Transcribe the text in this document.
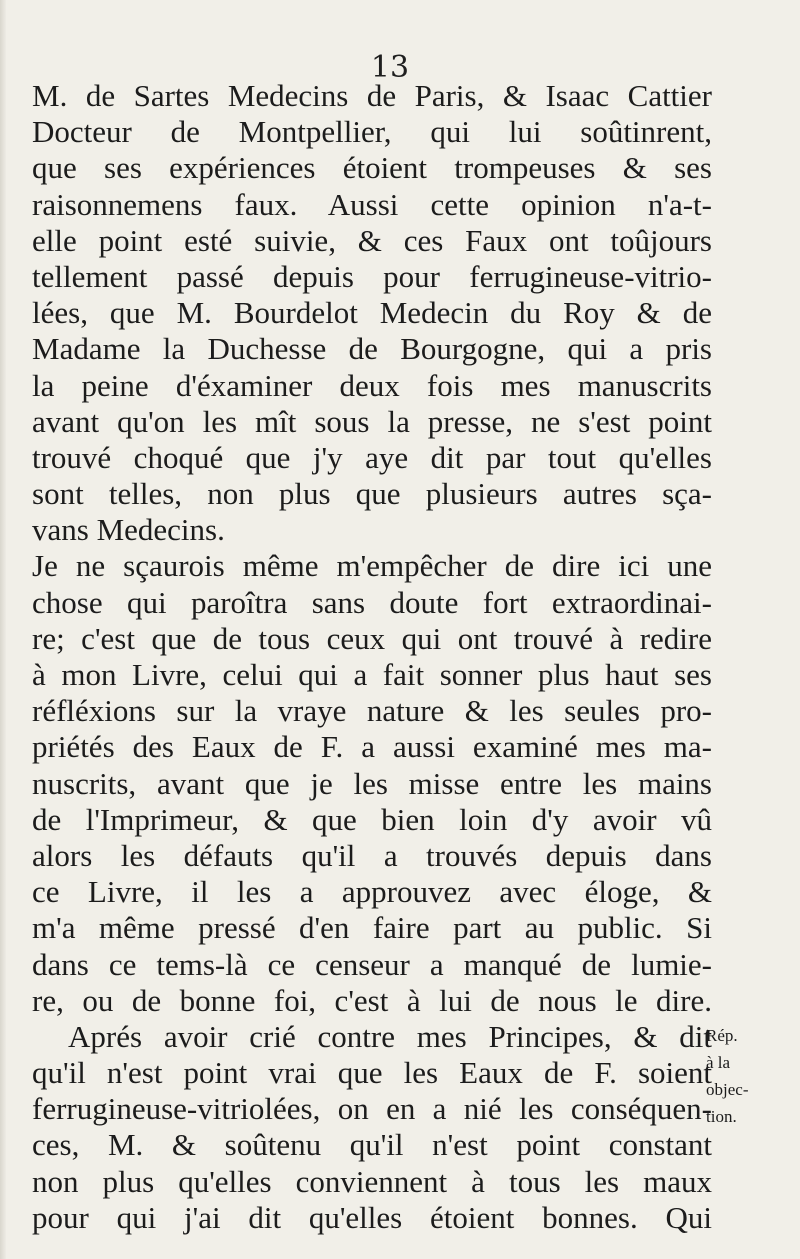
13
M. de Sartes Medecins de Paris, & Isaac Cattier
Docteur de Montpellier, qui lui soûtinrent,
que ses expériences étoient trompeuses & ses
raisonnemens faux. Aussi cette opinion n'a-t-
elle point esté suivie, & ces Faux ont toûjours
tellement passé depuis pour ferrugineuse-vitrio-
lées, que M. Bourdelot Medecin du Roy & de
Madame la Duchesse de Bourgogne, qui a pris
la peine d'éxaminer deux fois mes manuscrits
avant qu'on les mît sous la presse, ne s'est point
trouvé choqué que j'y aye dit par tout qu'elles
sont telles, non plus que plusieurs autres sça-
vans Medecins.
Je ne sçaurois même m'empêcher de dire ici une
chose qui paroîtra sans doute fort extraordinai-
re; c'est que de tous ceux qui ont trouvé à redire
à mon Livre, celui qui a fait sonner plus haut ses
réfléxions sur la vraye nature & les seules pro-
priétés des Eaux de F. a aussi examiné mes ma-
nuscrits, avant que je les misse entre les mains
de l'Imprimeur, & que bien loin d'y avoir vû
alors les défauts qu'il a trouvés depuis dans
ce Livre, il les a approuvez avec éloge, &
m'a même pressé d'en faire part au public. Si
dans ce tems-là ce censeur a manqué de lumie-
re, ou de bonne foi, c'est à lui de nous le dire.
Aprés avoir crié contre mes Principes, & dit
qu'il n'est point vrai que les Eaux de F. soient
ferrugineuse-vitriolées, on en a nié les conséquen-
ces, M. & soûtenu qu'il n'est point constant
non plus qu'elles conviennent à tous les maux
pour qui j'ai dit qu'elles étoient bonnes. Qui
Rép.
à la
objec-
tion.
